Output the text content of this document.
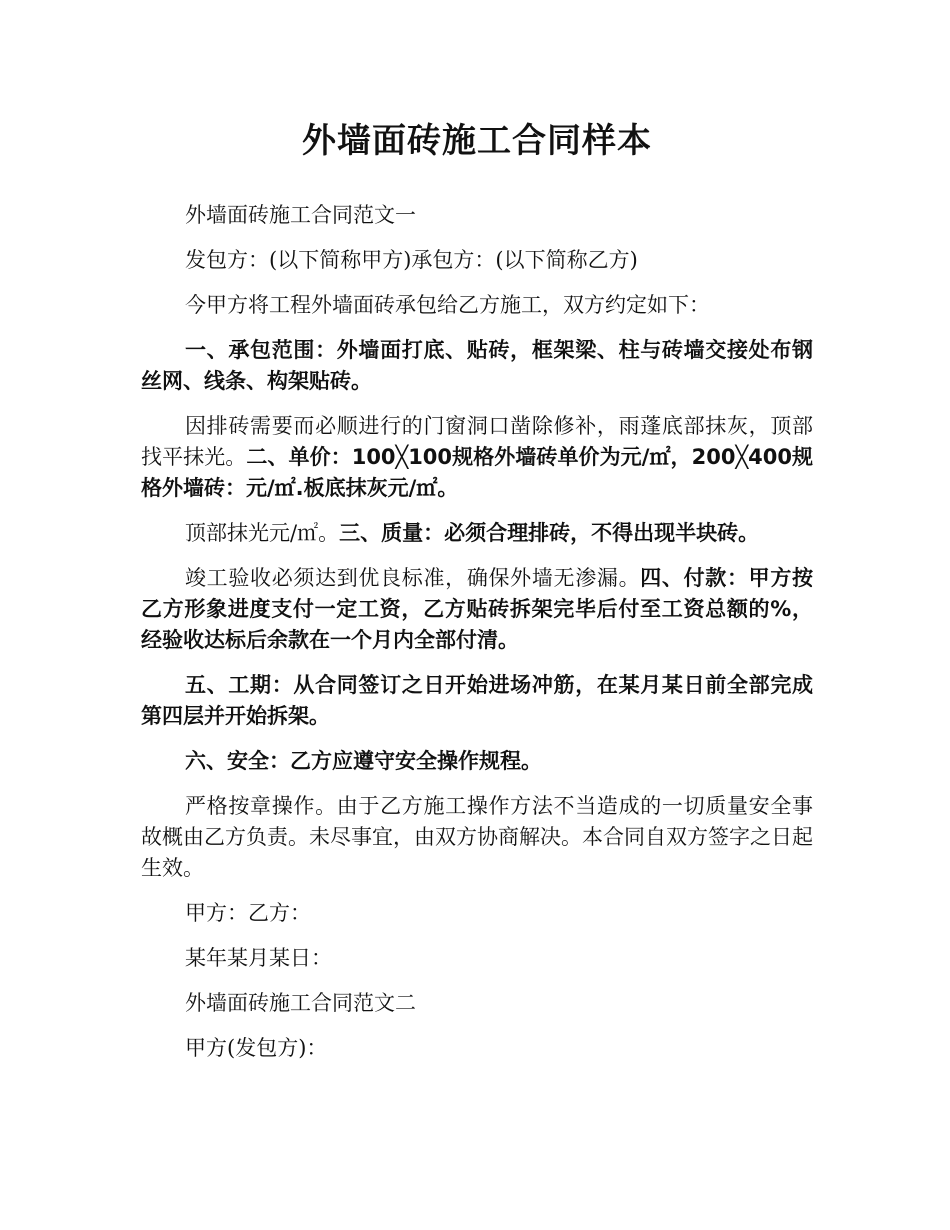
外墙面砖施工合同样本

外墙面砖施工合同范文一

发包方：(以下简称甲方)承包方：(以下简称乙方)

今甲方将工程外墙面砖承包给乙方施工，双方约定如下：

一、承包范围：外墙面打底、贴砖，框架梁、柱与砖墙交接处布钢丝网、线条、构架贴砖。

因排砖需要而必顺进行的门窗洞口凿除修补，雨蓬底部抹灰，顶部找平抹光。二、单价：100╳100规格外墙砖单价为元/㎡，200╳400规格外墙砖：元/㎡.板底抹灰元/㎡。

顶部抹光元/㎡。三、质量：必须合理排砖，不得出现半块砖。

竣工验收必须达到优良标准，确保外墙无渗漏。四、付款：甲方按乙方形象进度支付一定工资，乙方贴砖拆架完毕后付至工资总额的%，经验收达标后余款在一个月内全部付清。

五、工期：从合同签订之日开始进场冲筋，在某月某日前全部完成第四层并开始拆架。

六、安全：乙方应遵守安全操作规程。

严格按章操作。由于乙方施工操作方法不当造成的一切质量安全事故概由乙方负责。未尽事宜，由双方协商解决。本合同自双方签字之日起生效。

甲方：乙方：

某年某月某日：

外墙面砖施工合同范文二

甲方(发包方)：
